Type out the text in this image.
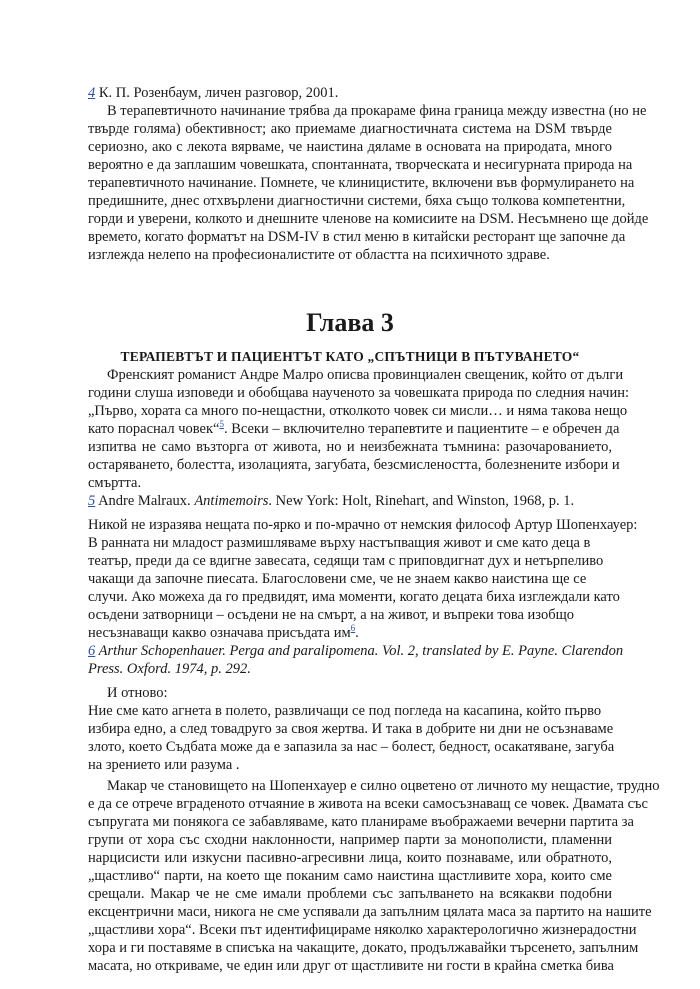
4 К. П. Розенбаум, личен разговор, 2001.
В терапевтичното начинание трябва да прокараме фина граница между известна (но не
твърде голяма) обективност; ако приемаме диагностичната система на DSM твърде
сериозно, ако с лекота вярваме, че наистина дяламе в основата на природата, много
вероятно е да заплашим човешката, спонтанната, творческата и несигурната природа на
терапевтичното начинание. Помнете, че клиницистите, включени във формулирането на
предишните, днес отхвърлени диагностични системи, бяха също толкова компетентни,
горди и уверени, колкото и днешните членове на комисиите на DSM. Несъмнено ще дойде
времето, когато форматът на DSM-IV в стил меню в китайски ресторант ще започне да
изглежда нелепо на професионалистите от областта на психичното здраве.
Глава 3
ТЕРАПЕВТЪТ И ПАЦИЕНТЪТ КАТО „СПЪТНИЦИ В ПЪТУВАНЕТО“
Френският романист Андре Малро описва провинциален свещеник, който от дълги
години слуша изповеди и обобщава наученото за човешката природа по следния начин:
„Първо, хората са много по-нещастни, отколкото човек си мисли… и няма такова нещо
като пораснал човек“$^5$. Всеки – включително терапевтите и пациентите – е обречен да
изпитва не само възторга от живота, но и неизбежната тъмнина: разочарованието,
остаряването, болестта, изолацията, загубата, безсмислеността, болезнените избори и
смъртта.
5 Andre Malraux. Antimemoirs. New York: Holt, Rinehart, and Winston, 1968, p. 1.
Никой не изразява нещата по-ярко и по-мрачно от немския философ Артур Шопенхауер:
В ранната ни младост размишляваме върху настъпващия живот и сме като деца в
театър, преди да се вдигне завесата, седящи там с приповдигнат дух и нетърпеливо
чакащи да започне пиесата. Благословени сме, че не знаем какво наистина ще се
случи. Ако можеха да го предвидят, има моменти, когато децата биха изглеждали като
осъдени затворници – осъдени не на смърт, а на живот, и въпреки това изобщо
несъзнаващи какво означава присъдата им$^6$.
6 Arthur Schopenhauer. Perga and paralipomena. Vol. 2, translated by E. Payne. Clarendon
Press. Oxford. 1974, p. 292.
И отново:
Ние сме като агнета в полето, развличащи се под погледа на касапина, който първо
избира едно, а след товадруго за своя жертва. И така в добрите ни дни не осъзнаваме
злото, което Съдбата може да е запазила за нас – болест, бедност, осакатяване, загуба
на зрението или разума .
Макар че становището на Шопенхауер е силно оцветено от личното му нещастие, трудно
е да се отрече вграденото отчаяние в живота на всеки самосъзнаващ се човек. Двамата със
съпругата ми понякога се забавляваме, като планираме въображаеми вечерни партита за
групи от хора със сходни наклонности, например парти за монополисти, пламенни
нарцисисти или изкусни пасивно-агресивни лица, които познаваме, или обратното,
„щастливо“ парти, на което ще поканим само наистина щастливите хора, които сме
срещали. Макар че не сме имали проблеми със запълването на всякакви подобни
ексцентрични маси, никога не сме успявали да запълним цялата маса за партито на нашите
„щастливи хора“. Всеки път идентифицираме няколко характерологично жизнерадостни
хора и ги поставяме в списъка на чакащите, докато, продължавайки търсенето, запълним
масата, но откриваме, че един или друг от щастливите ни гости в крайна сметка бива
